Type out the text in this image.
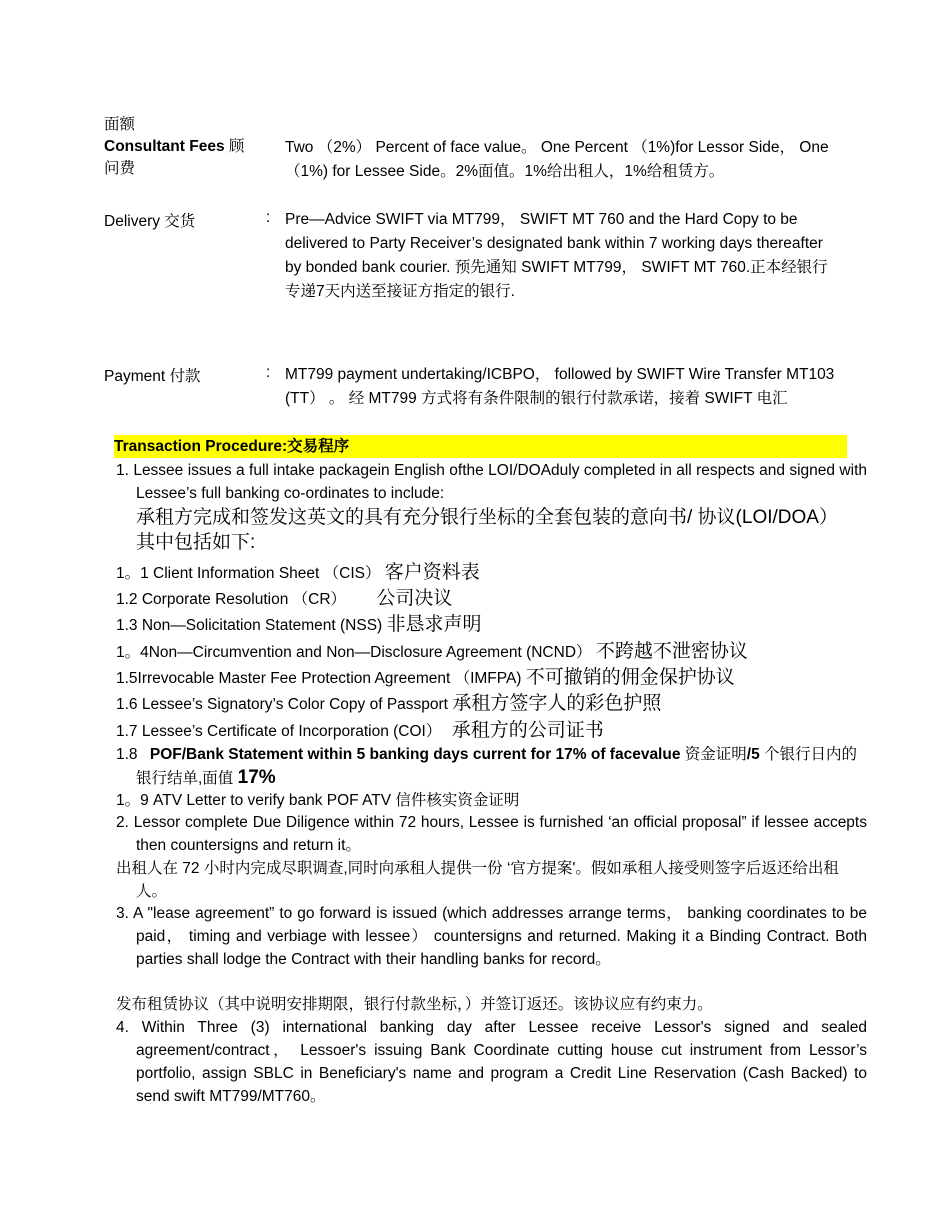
面额
Consultant Fees 顾问费
Two （2%） Percent of face value。 One Percent （1%)for Lessor Side， One （1%) for Lessee Side。2%面值。1%给出租人，1%给租赁方。
Delivery 交货	: Pre—Advice SWIFT via MT799， SWIFT MT 760 and the Hard Copy to be delivered to Party Receiver’s designated bank within 7 working days thereafter by bonded bank courier. 预先通知 SWIFT MT799， SWIFT MT 760.正本经银行专递7天内送至接证方指定的银行.
Payment 付款	: MT799 payment undertaking/ICBPO， followed by SWIFT Wire Transfer MT103 (TT） 。 经 MT799 方式将有条件限制的银行付款承诺，接着 SWIFT 电汇
Transaction Procedure:交易程序
1. Lessee issues a full intake packagein English ofthe LOI/DOAduly completed in all respects and signed with Lessee’s full banking co-ordinates to include:
承租方完成和签发这英文的具有充分银行坐标的全套包装的意向书/ 协议(LOI/DOA）其中包括如下:
1。1 Client Information Sheet （CIS） 客户资料表
1.2 Corporate Resolution （CR） 公司决议
1.3 Non—Solicitation Statement (NSS) 非恳求声明
1。4Non—Circumvention and Non—Disclosure Agreement (NCND） 不跨越不泄密协议
1.5Irrevocable Master Fee Protection Agreement （IMFPA) 不可撤销的佣金保护协议
1.6 Lessee’s Signatory’s Color Copy of Passport 承租方签字人的彩色护照
1.7 Lessee’s Certificate of Incorporation (COI） 承租方的公司证书
1.8 POF/Bank Statement within 5 banking days current for 17% of facevalue 资金证明/5 个银行日内的银行结单,面值 17%
1。9 ATV Letter to verify bank POF ATV 信件核实资金证明
2. Lessor complete Due Diligence within 72 hours, Lessee is furnished ‘an official proposal” if lessee accepts then countersigns and return it。
出租人在 72 小时内完成尽职调查,同时向承租人提供一份 ‘官方提案'。假如承租人接受则签字后返还给出租人。
3. A "lease agreement” to go forward is issued (which addresses arrange terms， banking coordinates to be paid， timing and verbiage with lessee） countersigns and returned. Making it a Binding Contract. Both parties shall lodge the Contract with their handling banks for record。
发布租赁协议（其中说明安排期限，银行付款坐标，）并签订返还。该协议应有约束力。
4. Within Three (3) international banking day after Lessee receive Lessor's signed and sealed agreement/contract， Lessoer's issuing Bank Coordinate cutting house cut instrument from Lessor’s portfolio, assign SBLC in Beneficiary's name and program a Credit Line Reservation (Cash Backed) to send swift MT799/MT760。
